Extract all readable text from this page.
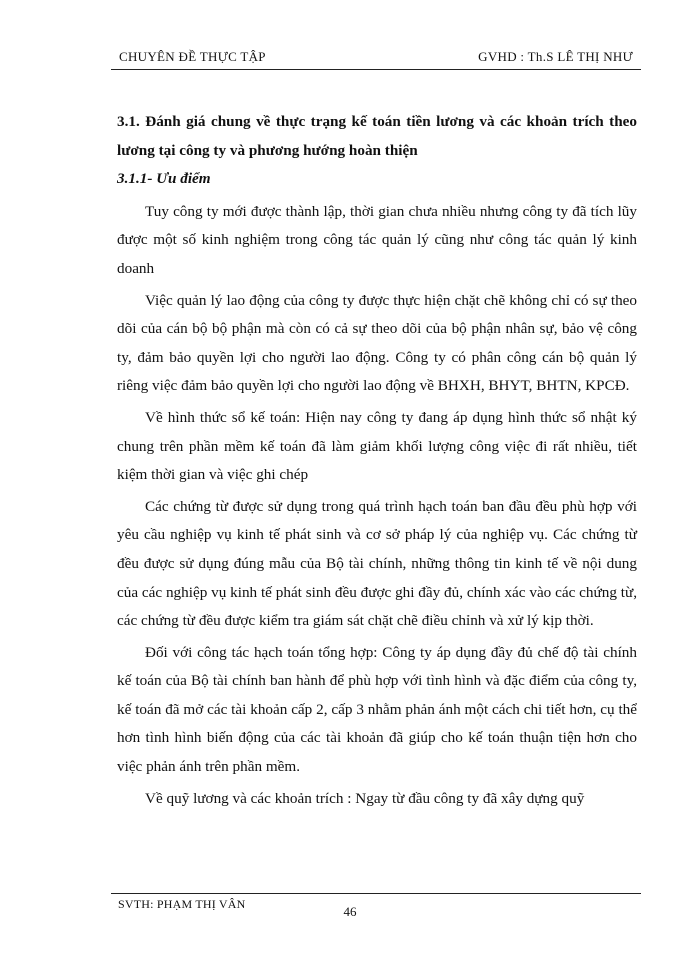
CHUYÊN ĐỀ THỰC TẬP	GVHD : Th.S LÊ THỊ NHƯ

3.1. Đánh giá chung về thực trạng kế toán tiền lương và các khoản trích theo lương tại công ty và phương hướng hoàn thiện

3.1.1- Ưu điểm

Tuy công ty mới được thành lập, thời gian chưa nhiều nhưng công ty đã tích lũy được một số kinh nghiệm trong công tác quản lý cũng như công tác quản lý kinh doanh

Việc quản lý lao động của công ty được thực hiện chặt chẽ không chỉ có sự theo dõi của cán bộ bộ phận mà còn có cả sự theo dõi của bộ phận nhân sự, bảo vệ công ty, đảm bảo quyền lợi cho người lao động. Công ty có phân công cán bộ quản lý riêng việc đảm bảo quyền lợi cho người lao động về BHXH, BHYT, BHTN, KPCĐ.

Về hình thức sổ kế toán: Hiện nay công ty đang áp dụng hình thức sổ nhật ký chung trên phần mềm kế toán đã làm giảm khối lượng công việc đi rất nhiều, tiết kiệm thời gian và việc ghi chép

Các chứng từ được sử dụng trong quá trình hạch toán ban đầu đều phù hợp với yêu cầu nghiệp vụ kinh tế phát sinh và cơ sở pháp lý của nghiệp vụ. Các chứng từ đều được sử dụng đúng mẫu của Bộ tài chính, những thông tin kinh tế về nội dung của các nghiệp vụ kinh tế phát sinh đều được ghi đầy đủ, chính xác vào các chứng từ, các chứng từ đều được kiểm tra giám sát chặt chẽ điều chỉnh và xử lý kịp thời.

Đối với công tác hạch toán tổng hợp: Công ty áp dụng đầy đủ chế độ tài chính kế toán của Bộ tài chính ban hành để phù hợp với tình hình và đặc điểm của công ty, kế toán đã mở các tài khoản cấp 2, cấp 3 nhằm phản ánh một cách chi tiết hơn, cụ thể hơn tình hình biến động của các tài khoản đã giúp cho kế toán thuận tiện hơn cho việc phản ánh trên phần mềm.

Về quỹ lương và các khoản trích : Ngay từ đầu công ty đã xây dựng quỹ

SVTH: PHẠM THỊ VÂN	46
